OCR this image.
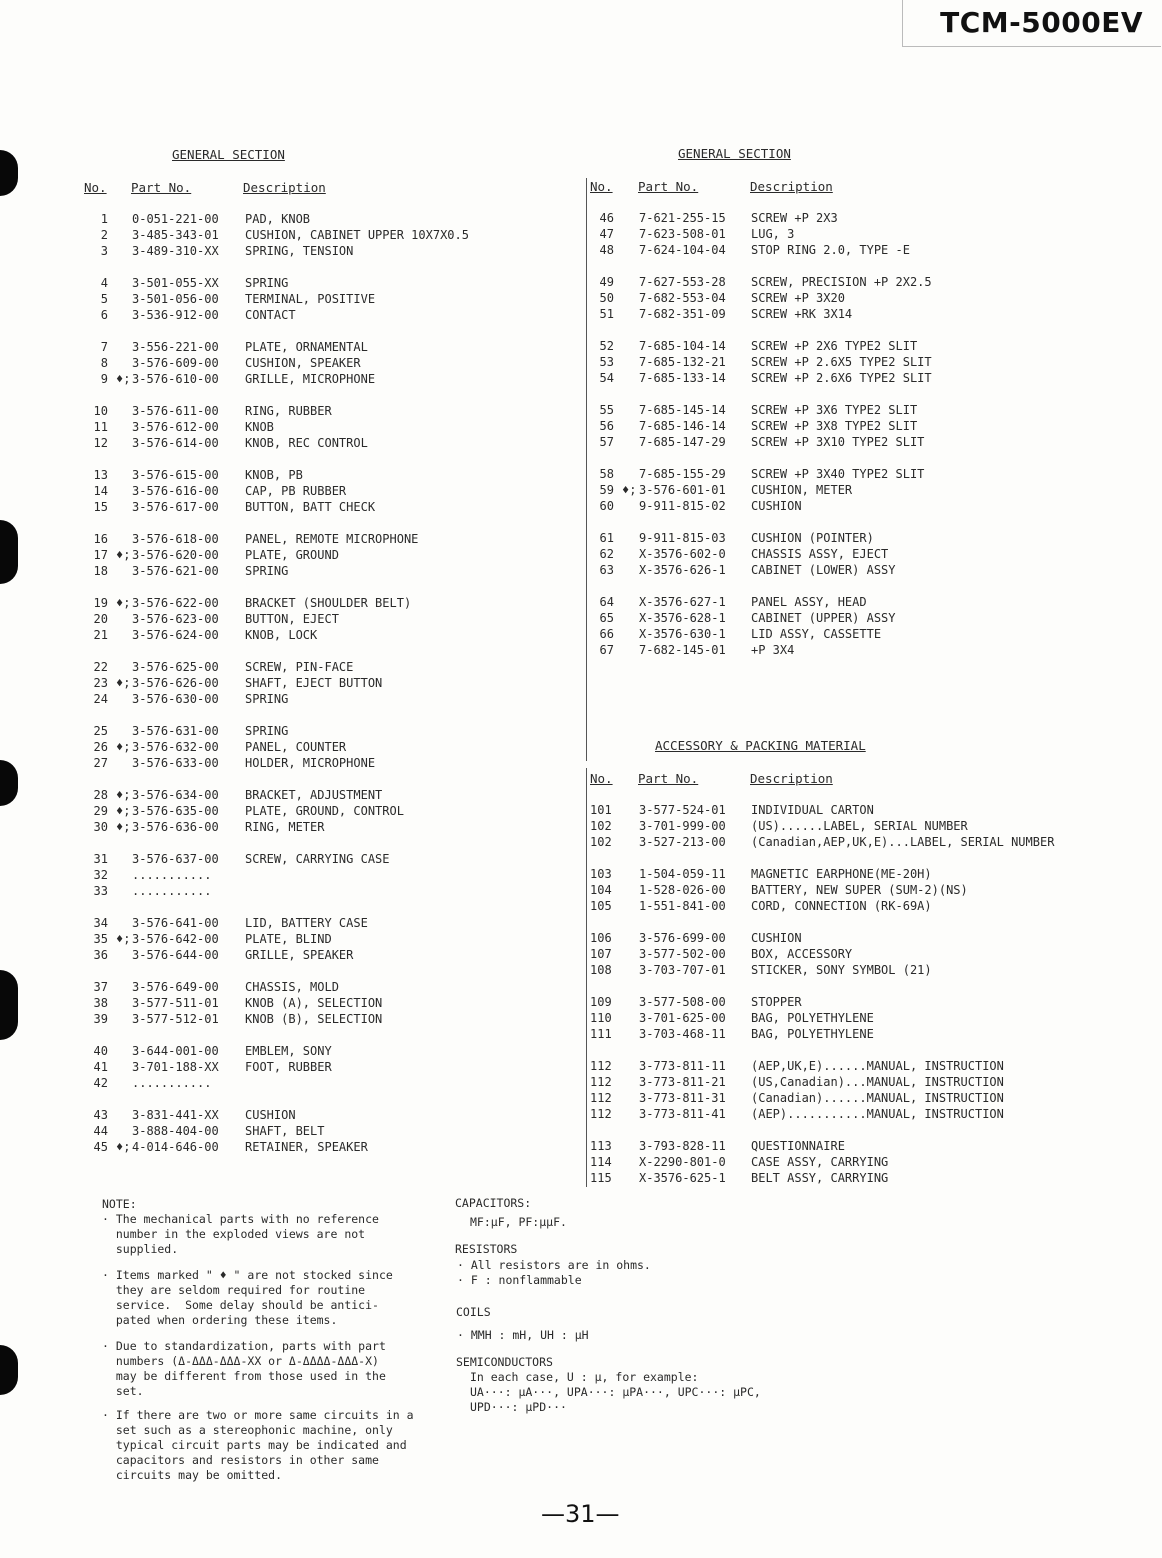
TCM-5000EV
GENERAL SECTION
No. Part No.	Description
1 0-051-221-00 PAD, KNOB
2 3-485-343-01 CUSHION, CABINET UPPER 10X7X0.5
3 3-489-310-XX SPRING, TENSION
4 3-501-055-XX SPRING
5 3-501-056-00 TERMINAL, POSITIVE
6 3-536-912-00 CONTACT
7 3-556-221-00 PLATE, ORNAMENTAL
8 3-576-609-00 CUSHION, SPEAKER
9 ♦; 3-576-610-00 GRILLE, MICROPHONE
10 3-576-611-00 RING, RUBBER
11 3-576-612-00 KNOB
12 3-576-614-00 KNOB, REC CONTROL
13 3-576-615-00 KNOB, PB
14 3-576-616-00 CAP, PB RUBBER
15 3-576-617-00 BUTTON, BATT CHECK
16 3-576-618-00 PANEL, REMOTE MICROPHONE
17 ♦; 3-576-620-00 PLATE, GROUND
18 3-576-621-00 SPRING
19 ♦; 3-576-622-00 BRACKET (SHOULDER BELT)
20 3-576-623-00 BUTTON, EJECT
21 3-576-624-00 KNOB, LOCK
22 3-576-625-00 SCREW, PIN-FACE
23 ♦; 3-576-626-00 SHAFT, EJECT BUTTON
24 3-576-630-00 SPRING
25 3-576-631-00 SPRING
26 ♦; 3-576-632-00 PANEL, COUNTER
27 3-576-633-00 HOLDER, MICROPHONE
28 ♦; 3-576-634-00 BRACKET, ADJUSTMENT
29 ♦; 3-576-635-00 PLATE, GROUND, CONTROL
30 ♦; 3-576-636-00 RING, METER
31 3-576-637-00 SCREW, CARRYING CASE
32 ...........
33 ...........
34 3-576-641-00 LID, BATTERY CASE
35 ♦; 3-576-642-00 PLATE, BLIND
36 3-576-644-00 GRILLE, SPEAKER
37 3-576-649-00 CHASSIS, MOLD
38 3-577-511-01 KNOB (A), SELECTION
39 3-577-512-01 KNOB (B), SELECTION
40 3-644-001-00 EMBLEM, SONY
41 3-701-188-XX FOOT, RUBBER
42 ...........
43 3-831-441-XX CUSHION
44 3-888-404-00 SHAFT, BELT
45 ♦; 4-014-646-00 RETAINER, SPEAKER
GENERAL SECTION
No. Part No.	Description
46 7-621-255-15 SCREW +P 2X3
47 7-623-508-01 LUG, 3
48 7-624-104-04 STOP RING 2.0, TYPE -E
49 7-627-553-28 SCREW, PRECISION +P 2X2.5
50 7-682-553-04 SCREW +P 3X20
51 7-682-351-09 SCREW +RK 3X14
52 7-685-104-14 SCREW +P 2X6 TYPE2 SLIT
53 7-685-132-21 SCREW +P 2.6X5 TYPE2 SLIT
54 7-685-133-14 SCREW +P 2.6X6 TYPE2 SLIT
55 7-685-145-14 SCREW +P 3X6 TYPE2 SLIT
56 7-685-146-14 SCREW +P 3X8 TYPE2 SLIT
57 7-685-147-29 SCREW +P 3X10 TYPE2 SLIT
58 7-685-155-29 SCREW +P 3X40 TYPE2 SLIT
59 ♦; 3-576-601-01 CUSHION, METER
60 9-911-815-02 CUSHION
61 9-911-815-03 CUSHION (POINTER)
62 X-3576-602-0 CHASSIS ASSY, EJECT
63 X-3576-626-1 CABINET (LOWER) ASSY
64 X-3576-627-1 PANEL ASSY, HEAD
65 X-3576-628-1 CABINET (UPPER) ASSY
66 X-3576-630-1 LID ASSY, CASSETTE
67 7-682-145-01 +P 3X4
ACCESSORY & PACKING MATERIAL
No. Part No.	Description
101 3-577-524-01 INDIVIDUAL CARTON
102 3-701-999-00 (US)......LABEL, SERIAL NUMBER
102 3-527-213-00 (Canadian,AEP,UK,E)...LABEL, SERIAL NUMBER
103 1-504-059-11 MAGNETIC EARPHONE(ME-20H)
104 1-528-026-00 BATTERY, NEW SUPER (SUM-2)(NS)
105 1-551-841-00 CORD, CONNECTION (RK-69A)
106 3-576-699-00 CUSHION
107 3-577-502-00 BOX, ACCESSORY
108 3-703-707-01 STICKER, SONY SYMBOL (21)
109 3-577-508-00 STOPPER
110 3-701-625-00 BAG, POLYETHYLENE
111 3-703-468-11 BAG, POLYETHYLENE
112 3-773-811-11 (AEP,UK,E)......MANUAL, INSTRUCTION
112 3-773-811-21 (US,Canadian)...MANUAL, INSTRUCTION
112 3-773-811-31 (Canadian)......MANUAL, INSTRUCTION
112 3-773-811-41 (AEP)...........MANUAL, INSTRUCTION
113 3-793-828-11 QUESTIONNAIRE
114 X-2290-801-0 CASE ASSY, CARRYING
115 X-3576-625-1 BELT ASSY, CARRYING
NOTE:
· The mechanical parts with no reference
number in the exploded views are not
supplied.
· Items marked " ♦ " are not stocked since
they are seldom required for routine
service.  Some delay should be antici-
pated when ordering these items.
· Due to standardization, parts with part
numbers (Δ-ΔΔΔ-ΔΔΔ-XX or Δ-ΔΔΔΔ-ΔΔΔ-X)
may be different from those used in the
set.
· If there are two or more same circuits in a
set such as a stereophonic machine, only
typical circuit parts may be indicated and
capacitors and resistors in other same
circuits may be omitted.
CAPACITORS:
MF:µF, PF:µµF.
RESISTORS
· All resistors are in ohms.
· F : nonflammable
COILS
· MMH : mH, UH : µH
SEMICONDUCTORS
In each case, U : µ, for example:
UA···: µA···, UPA···: µPA···, UPC···: µPC,
UPD···: µPD···
—31—
